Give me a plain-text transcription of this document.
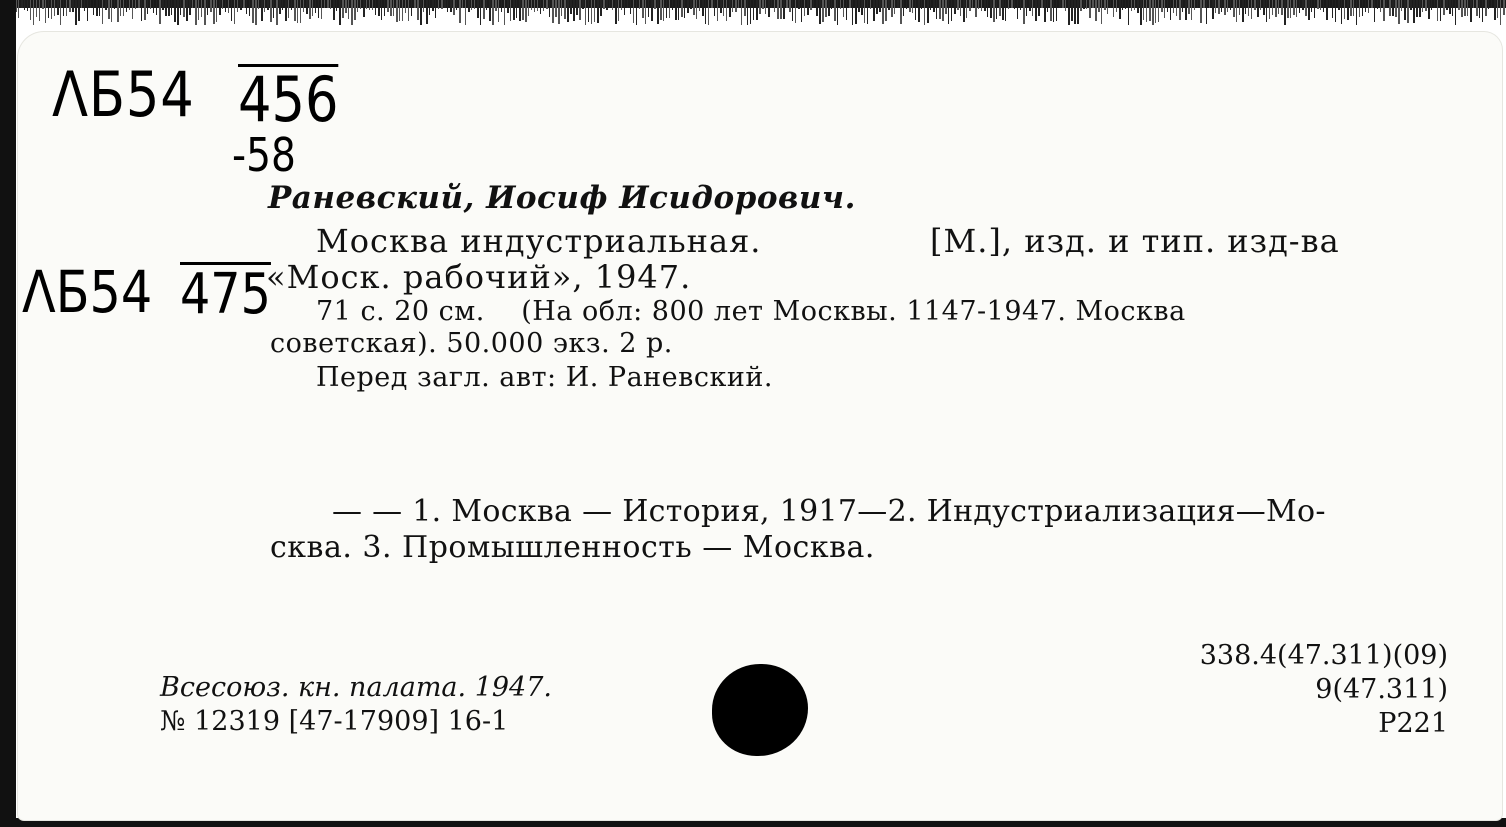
ΛБ54 456
-58
ΛБ54 475
Раневский, Иосиф Исидорович.
Москва индустриальная.	[М.], изд. и тип. изд-ва
«Моск. рабочий», 1947.
71 с. 20 см.    (На обл: 800 лет Москвы. 1147-1947. Москва
советская). 50.000 экз. 2 р.
Перед загл. авт: И. Раневский.
— — 1. Москва — История, 1917—2. Индустриализация—Мо-
сква. 3. Промышленность — Москва.
Всесоюз. кн. палата. 1947.
№ 12319 [47-17909] 16-1
338.4(47.311)(09)
9(47.311)
Р221
